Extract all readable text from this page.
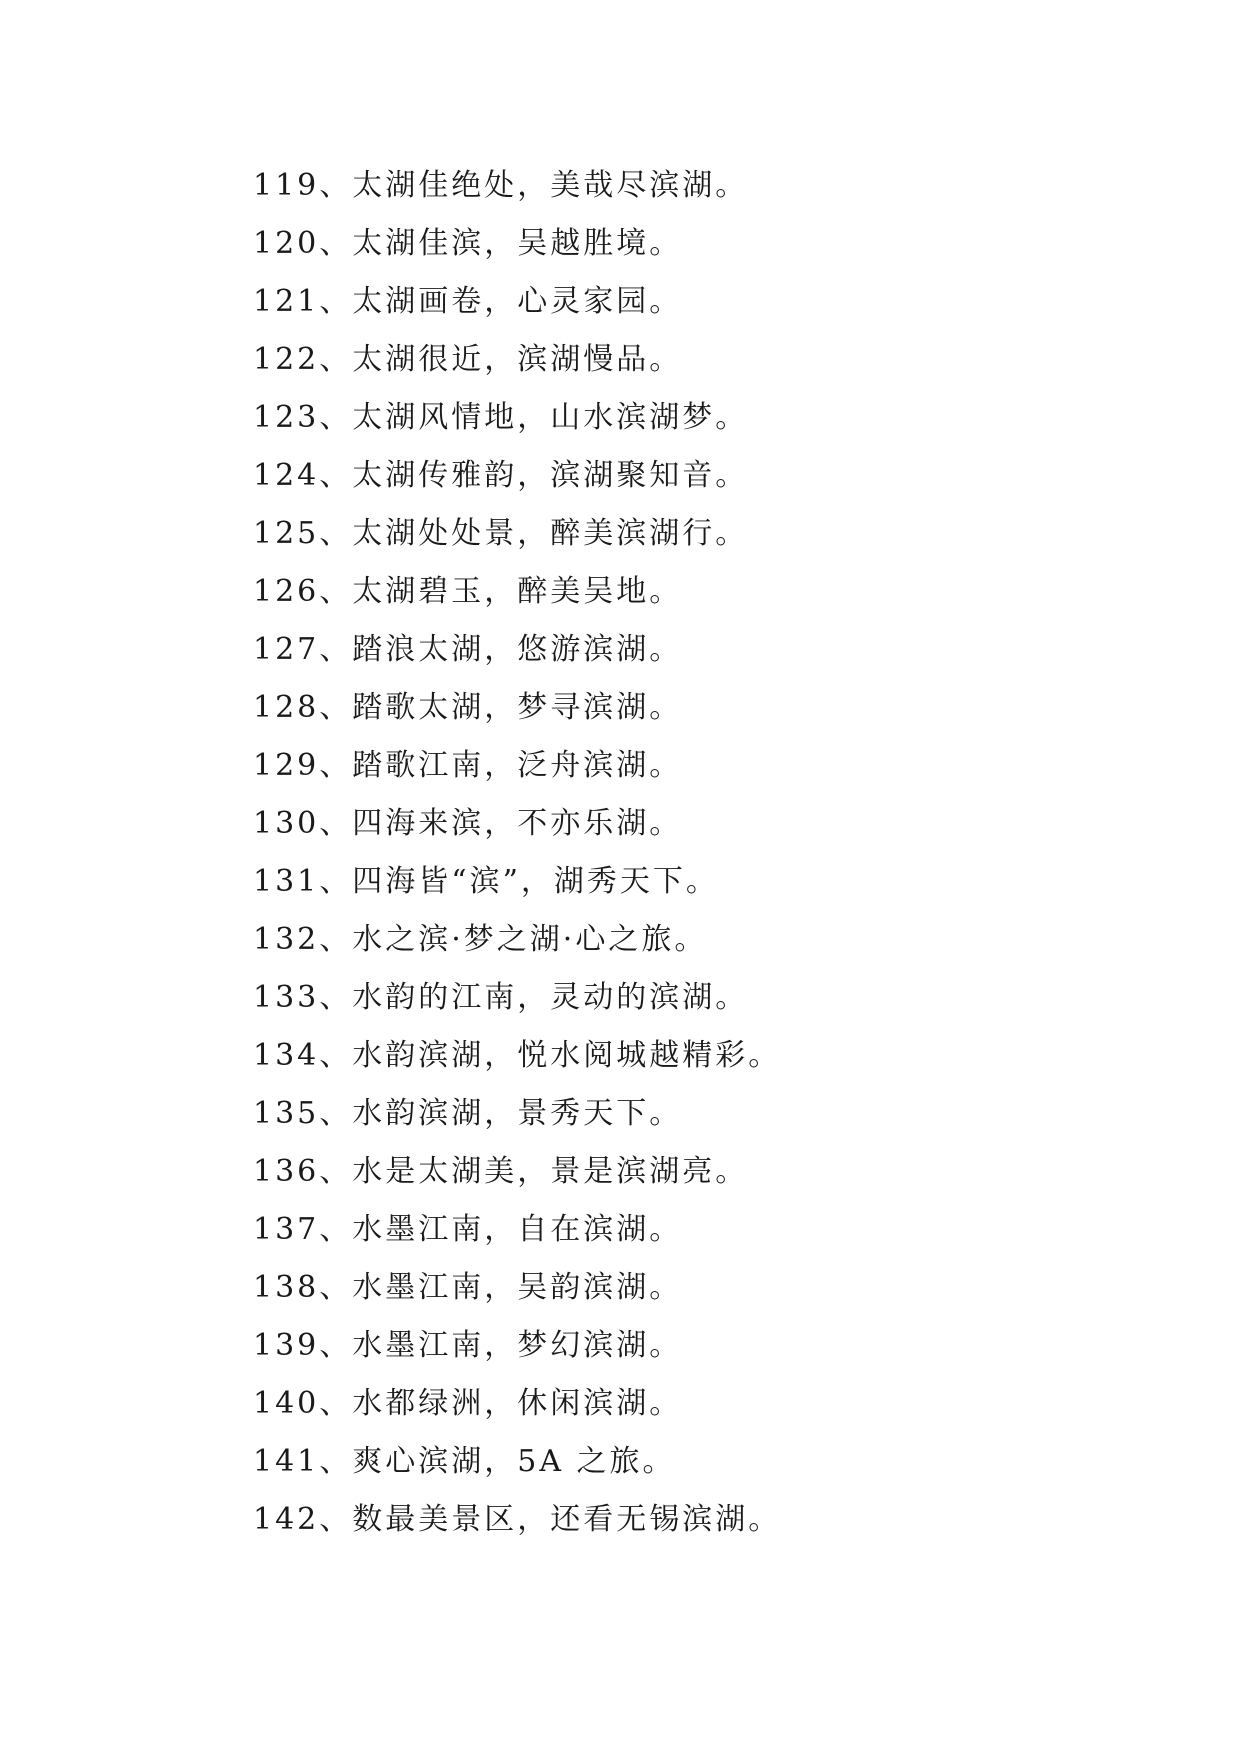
119、太湖佳绝处，美哉尽滨湖。
120、太湖佳滨，吴越胜境。
121、太湖画卷，心灵家园。
122、太湖很近，滨湖慢品。
123、太湖风情地，山水滨湖梦。
124、太湖传雅韵，滨湖聚知音。
125、太湖处处景，醉美滨湖行。
126、太湖碧玉，醉美吴地。
127、踏浪太湖，悠游滨湖。
128、踏歌太湖，梦寻滨湖。
129、踏歌江南，泛舟滨湖。
130、四海来滨，不亦乐湖。
131、四海皆“滨”，湖秀天下。
132、水之滨·梦之湖·心之旅。
133、水韵的江南，灵动的滨湖。
134、水韵滨湖，悦水阅城越精彩。
135、水韵滨湖，景秀天下。
136、水是太湖美，景是滨湖亮。
137、水墨江南，自在滨湖。
138、水墨江南，吴韵滨湖。
139、水墨江南，梦幻滨湖。
140、水都绿洲，休闲滨湖。
141、爽心滨湖，5A 之旅。
142、数最美景区，还看无锡滨湖。
